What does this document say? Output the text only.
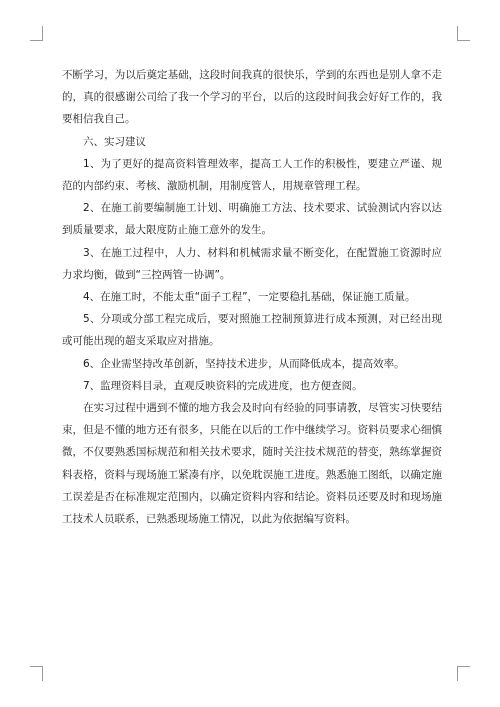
不断学习，为以后奠定基础，这段时间我真的很快乐，学到的东西也是别人拿不走的，真的很感谢公司给了我一个学习的平台，以后的这段时间我会好好工作的，我要相信我自己。

六、实习建议

1、为了更好的提高资料管理效率，提高工人工作的积极性，要建立严谨、规范的内部约束、考核、激励机制，用制度管人，用规章管理工程。

2、在施工前要编制施工计划、明确施工方法、技术要求、试验测试内容以达到质量要求，最大限度防止施工意外的发生。

3、在施工过程中，人力、材料和机械需求量不断变化，在配置施工资源时应力求均衡，做到“三控两管一协调”。

4、在施工时，不能太重“面子工程”，一定要稳扎基础，保证施工质量。

5、分项或分部工程完成后，要对照施工控制预算进行成本预测，对已经出现或可能出现的超支采取应对措施。

6、企业需坚持改革创新，坚持技术进步，从而降低成本，提高效率。

7、监理资料目录，直观反映资料的完成进度，也方便查阅。

在实习过程中遇到不懂的地方我会及时向有经验的同事请教，尽管实习快要结束，但是不懂的地方还有很多，只能在以后的工作中继续学习。资料员要求心细慎微，不仅要熟悉国标规范和相关技术要求，随时关注技术规范的替变，熟练掌握资料表格，资料与现场施工紧凑有序，以免耽误施工进度。熟悉施工图纸，以确定施工误差是否在标准规定范围内，以确定资料内容和结论。资料员还要及时和现场施工技术人员联系，已熟悉现场施工情况，以此为依据编写资料。
